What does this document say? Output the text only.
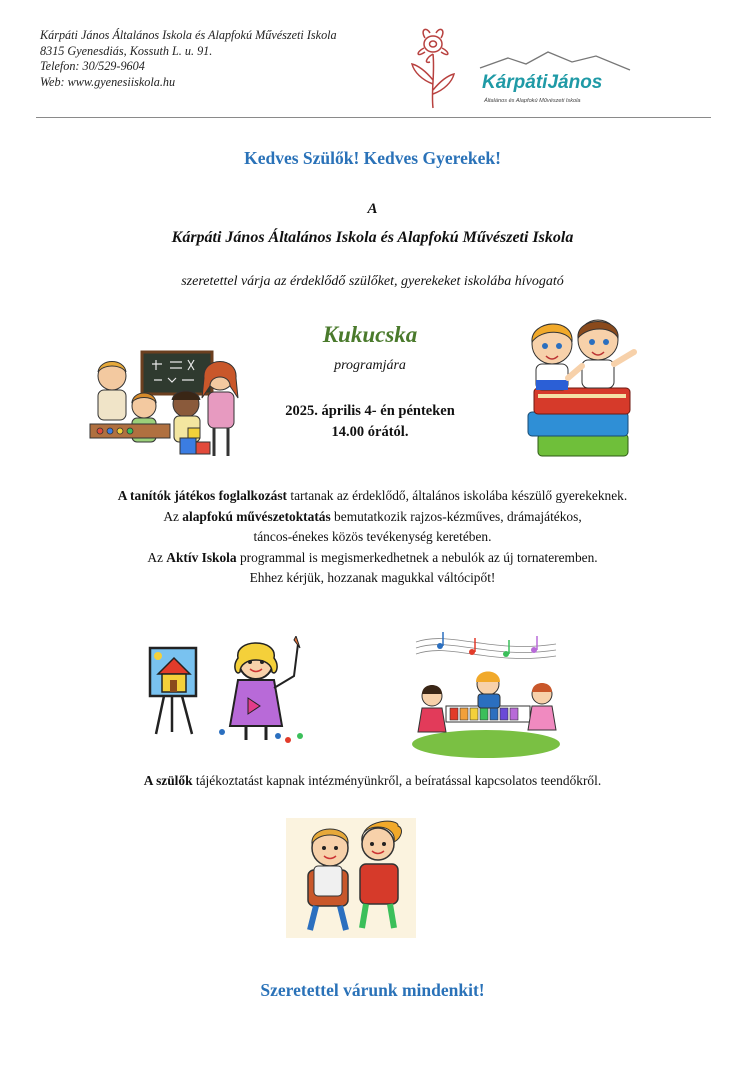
Kárpáti János Általános Iskola és Alapfokú Művészeti Iskola
8315 Gyenesdiás, Kossuth L. u. 91.
Telefon: 30/529-9604
Web: www.gyenesiiskola.hu	KárpátiJános
Általános és Alapfokú Művészeti Iskola
Kedves Szülők! Kedves Gyerekek!
A
Kárpáti János Általános Iskola és Alapfokú Művészeti Iskola
szeretettel várja az érdeklődő szülőket, gyerekeket iskolába hívogató
Kukucska
programjára
2025. április 4- én pénteken
14.00 órától.
A tanítók játékos foglalkozást tartanak az érdeklődő, általános iskolába készülő gyerekeknek.
Az alapfokú művészetoktatás bemutatkozik rajzos-kézműves, drámajátékos,
táncos-énekes közös tevékenység keretében.
Az Aktív Iskola programmal is megismerkedhetnek a nebulók az új tornateremben.
Ehhez kérjük, hozzanak magukkal váltócipőt!
A szülők tájékoztatást kapnak intézményünkről, a beíratással kapcsolatos teendőkről.
Szeretettel várunk mindenkit!
